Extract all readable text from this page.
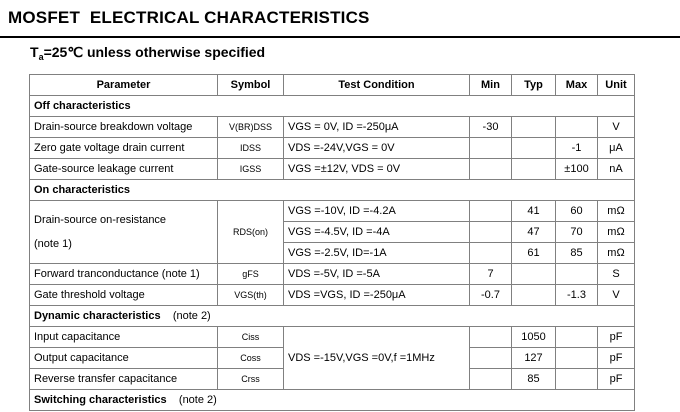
MOSFET  ELECTRICAL CHARACTERISTICS
$T_a=25℃$ unless otherwise specified
Parameter	Symbol	Test Condition	Min	Typ	Max	Unit
Off characteristics						
Drain-source breakdown voltage	V(BR)DSS	VGS = 0V, ID =-250μA	-30			V
Zero gate voltage drain current	IDSS	VDS =-24V,VGS = 0V			-1	μA
Gate-source leakage current	IGSS	VGS =±12V, VDS = 0V			±100	nA
On characteristics						
Drain-source on-resistance

(note 1)	RDS(on)	VGS =-10V, ID =-4.2A		41	60	mΩ
		VGS =-4.5V, ID =-4A		47	70	mΩ
		VGS =-2.5V, ID=-1A		61	85	mΩ
Forward tranconductance (note 1)	gFS	VDS =-5V, ID =-5A	7			S
Gate threshold voltage	VGS(th)	VDS =VGS, ID =-250μA	-0.7		-1.3	V
Dynamic characteristics (note 2)						
Input capacitance	Ciss	VDS =-15V,VGS =0V,f =1MHz		1050		pF
Output capacitance	Coss			127		pF
Reverse transfer capacitance	Crss			85		pF
Switching characteristics (note 2)						
